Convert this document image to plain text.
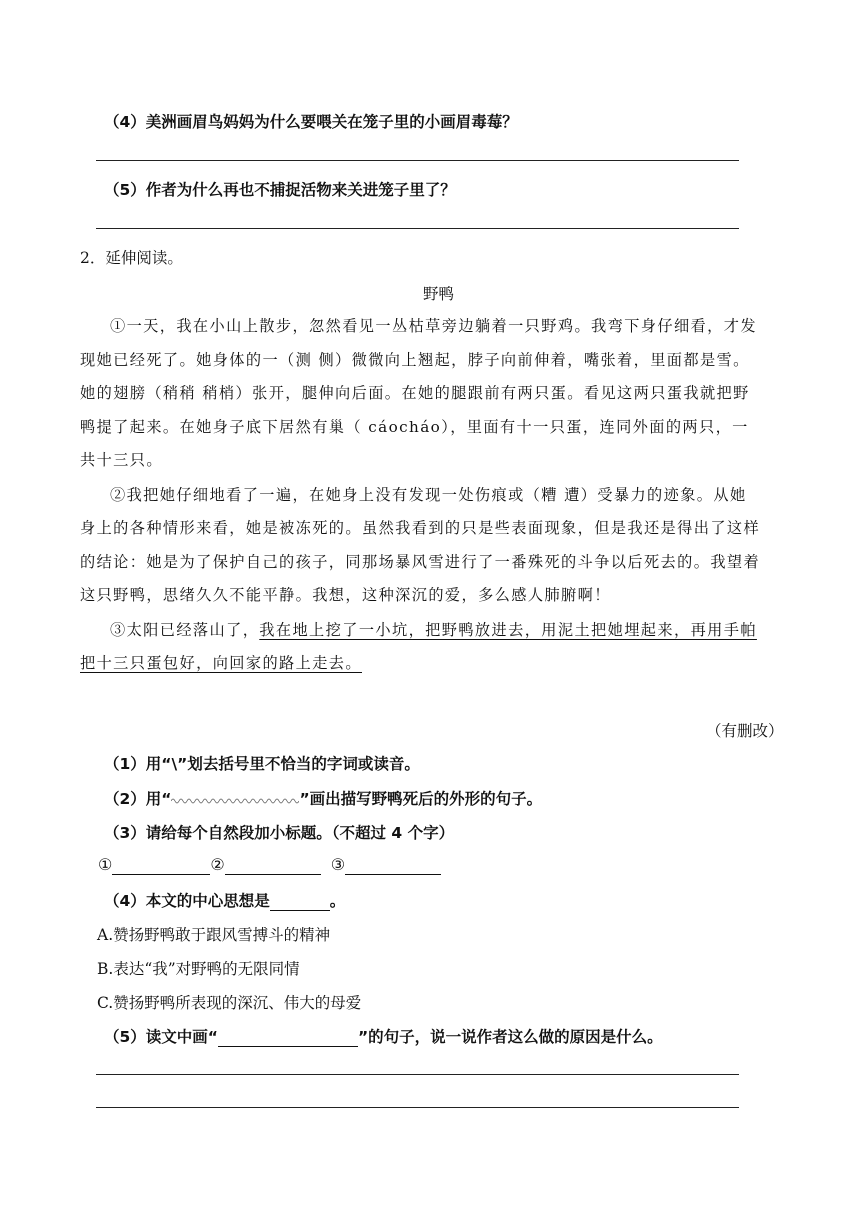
（4）美洲画眉鸟妈妈为什么要喂关在笼子里的小画眉毒莓？
（5）作者为什么再也不捕捉活物来关进笼子里了？
2．延伸阅读。
野鸭
①一天，我在小山上散步，忽然看见一丛枯草旁边躺着一只野鸡。我弯下身仔细看，才发
现她已经死了。她身体的一（测 侧）微微向上翘起，脖子向前伸着，嘴张着，里面都是雪。
她的翅膀（稍稍 稍梢）张开，腿伸向后面。在她的腿跟前有两只蛋。看见这两只蛋我就把野
鸭提了起来。在她身子底下居然有巢（ cáocháo），里面有十一只蛋，连同外面的两只，一
共十三只。
②我把她仔细地看了一遍，在她身上没有发现一处伤痕或（糟 遭）受暴力的迹象。从她
身上的各种情形来看，她是被冻死的。虽然我看到的只是些表面现象，但是我还是得出了这样
的结论：她是为了保护自己的孩子，同那场暴风雪进行了一番殊死的斗争以后死去的。我望着
这只野鸭，思绪久久不能平静。我想，这种深沉的爱，多么感人肺腑啊！
③太阳已经落山了，我在地上挖了一小坑，把野鸭放进去，用泥土把她埋起来，再用手帕
把十三只蛋包好，向回家的路上走去。
（有删改）
（1）用“\”划去括号里不恰当的字词或读音。
（2）用“	”画出描写野鸭死后的外形的句子。
（3）请给每个自然段加小标题。（不超过 4 个字）
①	②	③
（4）本文的中心思想是	。
A.赞扬野鸭敢于跟风雪搏斗的精神
B.表达“我”对野鸭的无限同情
C.赞扬野鸭所表现的深沉、伟大的母爱
（5）读文中画“	”的句子，说一说作者这么做的原因是什么。
